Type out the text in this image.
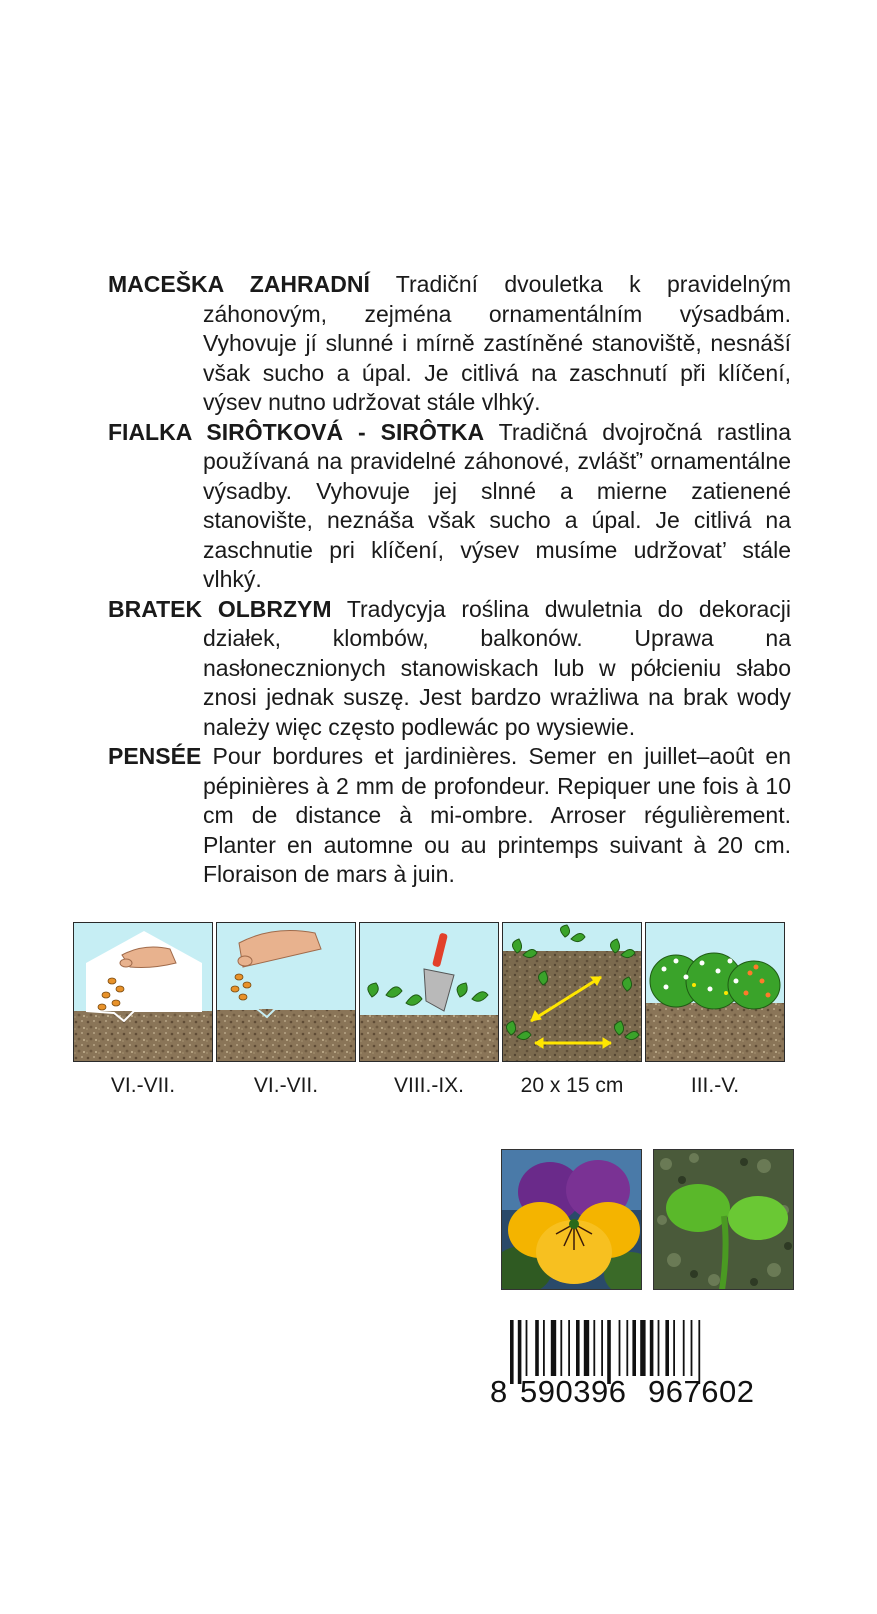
MACEŠKA ZAHRADNÍ Tradiční dvouletka k pravidelným záhonovým, zejména ornamentálním výsadbám. Vyhovuje jí slunné i mírně zastíněné stanoviště, nesnáší však sucho a úpal. Je citlivá na zaschnutí při klíčení, výsev nutno udržovat stále vlhký.

FIALKA SIRÔTKOVÁ - SIRÔTKA Tradičná dvojročná rastlina používaná na pravidelné záhonové, zvlášť’ ornamentálne výsadby. Vyhovuje jej slnné a mierne zatienené stanovište, neznáša však sucho a úpal. Je citlivá na zaschnutie pri klíčení, výsev musíme udržovat’ stále vlhký.

BRATEK OLBRZYM Tradycyja roślina dwuletnia do dekoracji działek, klombów, balkonów. Uprawa na nasłonecznionych stanowiskach lub w półcieniu słabo znosi jednak suszę. Jest bardzo wrażliwa na brak wody należy więc często podlewác po wysiewie.

PENSÉE Pour bordures et jardinières. Semer en juillet–août en pépinières à 2 mm de profondeur. Repiquer une fois à 10 cm de distance à mi-ombre. Arroser régulièrement. Planter en automne ou au printemps suivant à 20 cm. Floraison de mars à juin.

VI.-VII.	VI.-VII.	VIII.-IX.	20 x 15 cm	III.-V.
8 590396 967602
